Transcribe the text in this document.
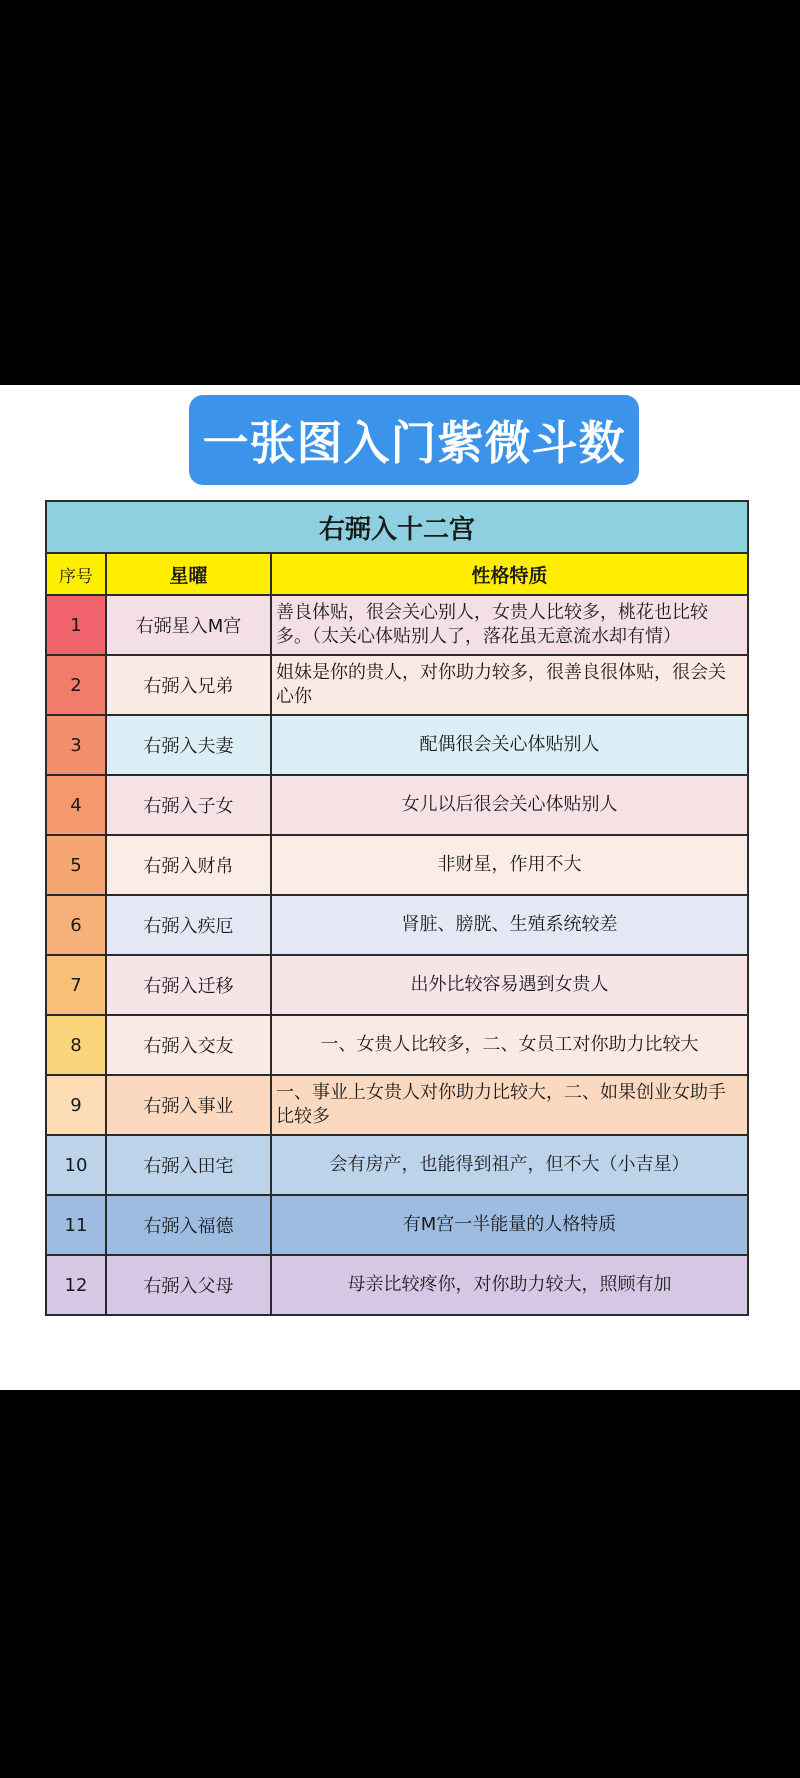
一张图入门紫微斗数
右弼入十二宫		
序号	星曜	性格特质
1	右弼星入M宫	善良体贴，很会关心别人，女贵人比较多，桃花也比较多。（太关心体贴别人了，落花虽无意流水却有情）
2	右弼入兄弟	姐妹是你的贵人，对你助力较多，很善良很体贴，很会关心你
3	右弼入夫妻	配偶很会关心体贴别人
4	右弼入子女	女儿以后很会关心体贴别人
5	右弼入财帛	非财星，作用不大
6	右弼入疾厄	肾脏、膀胱、生殖系统较差
7	右弼入迁移	出外比较容易遇到女贵人
8	右弼入交友	一、女贵人比较多，二、女员工对你助力比较大
9	右弼入事业	一、事业上女贵人对你助力比较大，二、如果创业女助手比较多
10	右弼入田宅	会有房产，也能得到祖产，但不大（小吉星）
11	右弼入福德	有M宫一半能量的人格特质
12	右弼入父母	母亲比较疼你，对你助力较大，照顾有加
